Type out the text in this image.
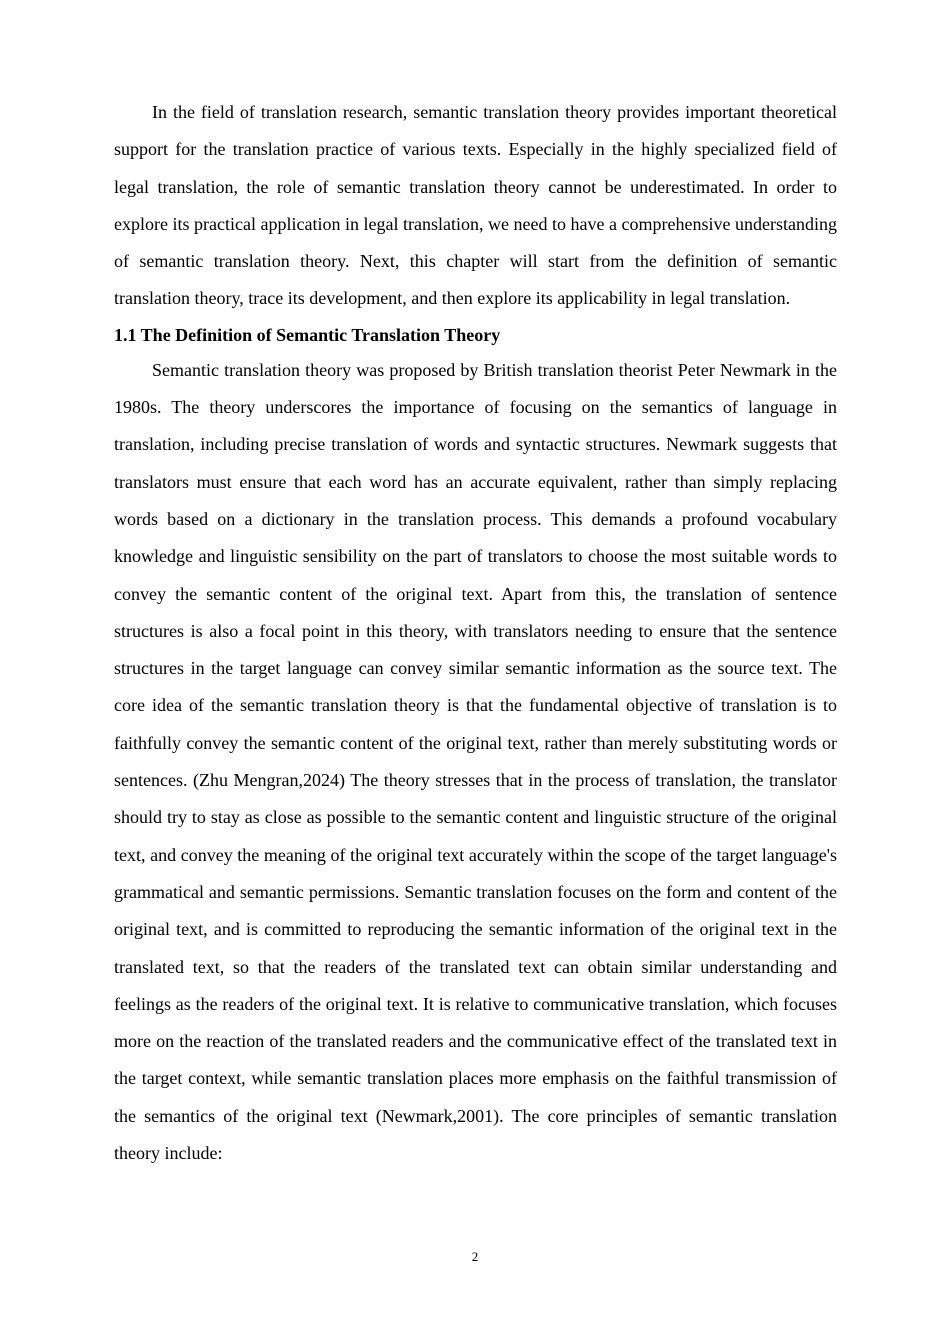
In the field of translation research, semantic translation theory provides important theoretical support for the translation practice of various texts. Especially in the highly specialized field of legal translation, the role of semantic translation theory cannot be underestimated. In order to explore its practical application in legal translation, we need to have a comprehensive understanding of semantic translation theory. Next, this chapter will start from the definition of semantic translation theory, trace its development, and then explore its applicability in legal translation.

1.1 The Definition of Semantic Translation Theory

Semantic translation theory was proposed by British translation theorist Peter Newmark in the 1980s. The theory underscores the importance of focusing on the semantics of language in translation, including precise translation of words and syntactic structures. Newmark suggests that translators must ensure that each word has an accurate equivalent, rather than simply replacing words based on a dictionary in the translation process. This demands a profound vocabulary knowledge and linguistic sensibility on the part of translators to choose the most suitable words to convey the semantic content of the original text. Apart from this, the translation of sentence structures is also a focal point in this theory, with translators needing to ensure that the sentence structures in the target language can convey similar semantic information as the source text. The core idea of the semantic translation theory is that the fundamental objective of translation is to faithfully convey the semantic content of the original text, rather than merely substituting words or sentences. (Zhu Mengran,2024) The theory stresses that in the process of translation, the translator should try to stay as close as possible to the semantic content and linguistic structure of the original text, and convey the meaning of the original text accurately within the scope of the target language's grammatical and semantic permissions. Semantic translation focuses on the form and content of the original text, and is committed to reproducing the semantic information of the original text in the translated text, so that the readers of the translated text can obtain similar understanding and feelings as the readers of the original text. It is relative to communicative translation, which focuses more on the reaction of the translated readers and the communicative effect of the translated text in the target context, while semantic translation places more emphasis on the faithful transmission of the semantics of the original text (Newmark,2001). The core principles of semantic translation theory include:

2
